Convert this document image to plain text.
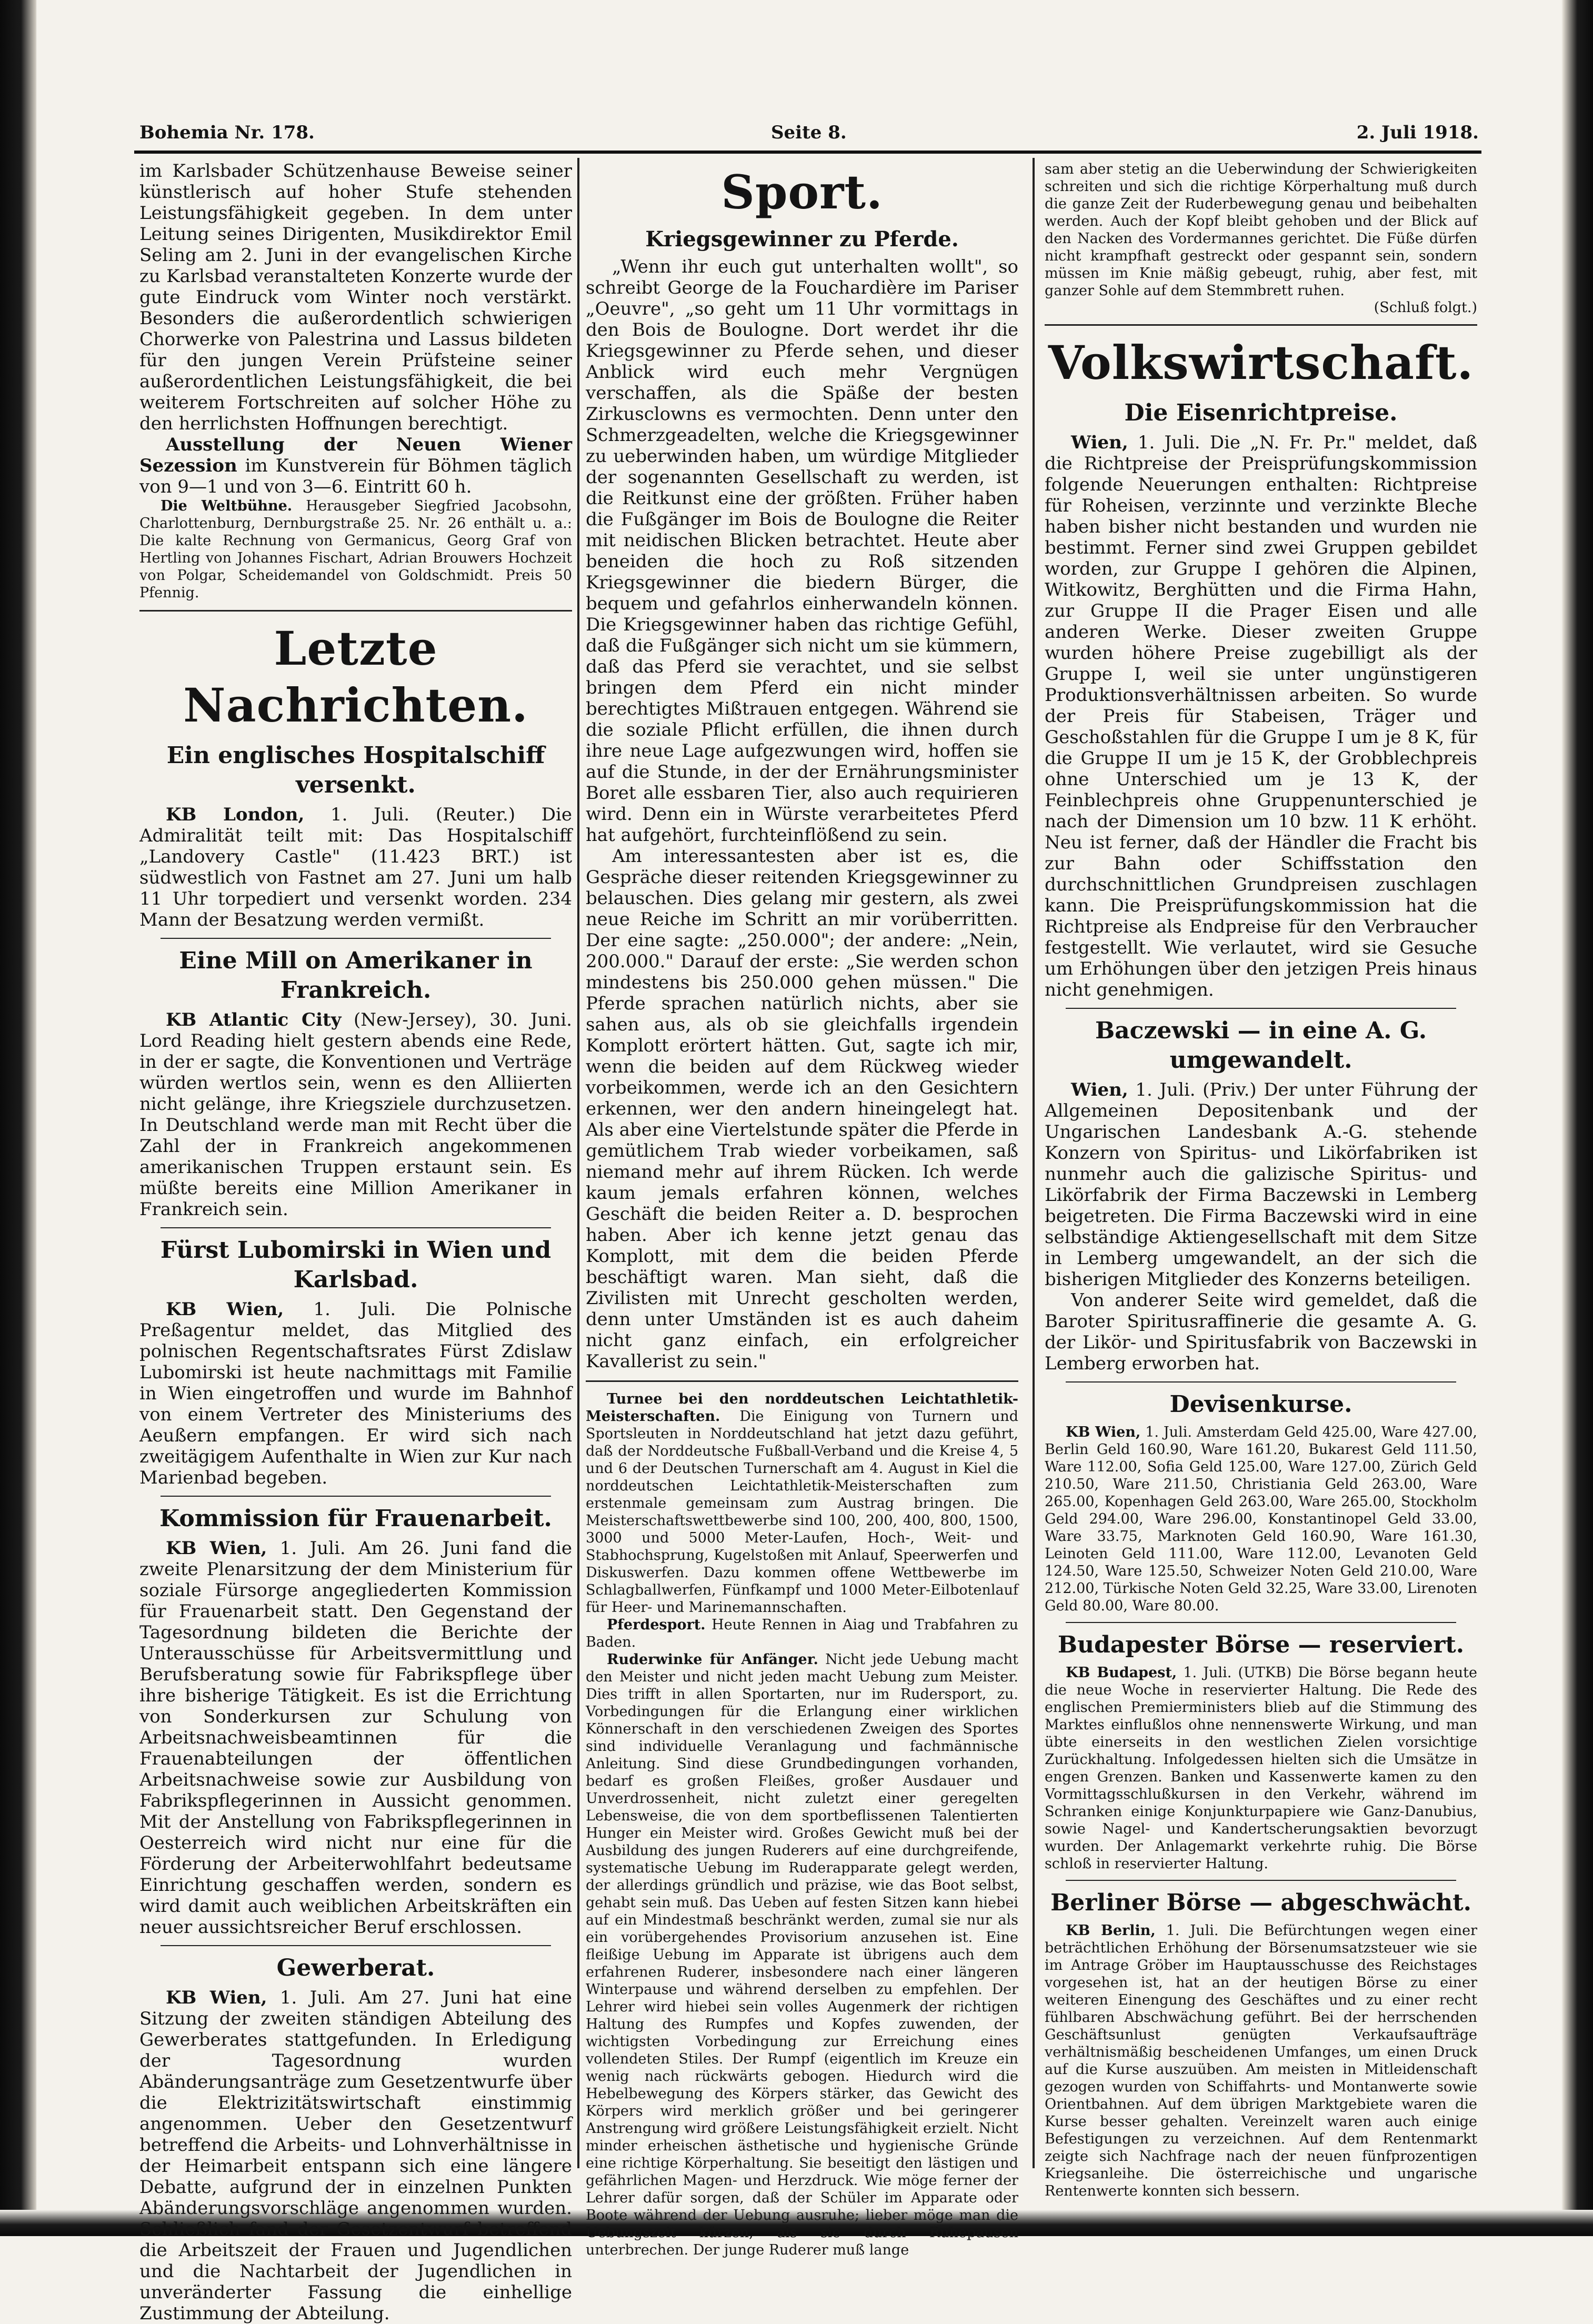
Bohemia Nr. 178.	Seite 8.	2. Juli 1918.

im Karlsbader Schützenhause Beweise seiner künstlerisch auf hoher Stufe stehenden Leistungsfähigkeit gegeben. In dem unter Leitung seines Dirigenten, Musikdirektor Emil Seling am 2. Juni in der evangelischen Kirche zu Karlsbad veranstalteten Konzerte wurde der gute Eindruck vom Winter noch verstärkt. Besonders die außerordentlich schwierigen Chorwerke von Palestrina und Lassus bildeten für den jungen Verein Prüfsteine seiner außerordentlichen Leistungsfähigkeit, die bei weiterem Fortschreiten auf solcher Höhe zu den herrlichsten Hoffnungen berechtigt.

Ausstellung der Neuen Wiener Sezession im Kunstverein für Böhmen täglich von 9—1 und von 3—6. Eintritt 60 h.

Die Weltbühne. Herausgeber Siegfried Jacobsohn, Charlottenburg, Dernburgstraße 25. Nr. 26 enthält u. a.: Die kalte Rechnung von Germanicus, Georg Graf von Hertling von Johannes Fischart, Adrian Brouwers Hochzeit von Polgar, Scheidemandel von Goldschmidt. Preis 50 Pfennig.

Letzte Nachrichten.
Ein englisches Hospitalschiff versenkt.

KB London, 1. Juli. (Reuter.) Die Admiralität teilt mit: Das Hospitalschiff „Landovery Castle" (11.423 BRT.) ist südwestlich von Fastnet am 27. Juni um halb 11 Uhr torpediert und versenkt worden. 234 Mann der Besatzung werden vermißt.

Eine Mill on Amerikaner in Frankreich.

KB Atlantic City (New-Jersey), 30. Juni. Lord Reading hielt gestern abends eine Rede, in der er sagte, die Konventionen und Verträge würden wertlos sein, wenn es den Alliierten nicht gelänge, ihre Kriegsziele durchzusetzen. In Deutschland werde man mit Recht über die Zahl der in Frankreich angekommenen amerikanischen Truppen erstaunt sein. Es müßte bereits eine Million Amerikaner in Frankreich sein.

Fürst Lubomirski in Wien und Karlsbad.

KB Wien, 1. Juli. Die Polnische Preßagentur meldet, das Mitglied des polnischen Regentschaftsrates Fürst Zdislaw Lubomirski ist heute nachmittags mit Familie in Wien eingetroffen und wurde im Bahnhof von einem Vertreter des Ministeriums des Aeußern empfangen. Er wird sich nach zweitägigem Aufenthalte in Wien zur Kur nach Marienbad begeben.

Kommission für Frauenarbeit.

KB Wien, 1. Juli. Am 26. Juni fand die zweite Plenarsitzung der dem Ministerium für soziale Fürsorge angegliederten Kommission für Frauenarbeit statt. Den Gegenstand der Tagesordnung bildeten die Berichte der Unterausschüsse für Arbeitsvermittlung und Berufsberatung sowie für Fabrikspflege über ihre bisherige Tätigkeit. Es ist die Errichtung von Sonderkursen zur Schulung von Arbeitsnachweisbeamtinnen für die Frauenabteilungen der öffentlichen Arbeitsnachweise sowie zur Ausbildung von Fabrikspflegerinnen in Aussicht genommen. Mit der Anstellung von Fabrikspflegerinnen in Oesterreich wird nicht nur eine für die Förderung der Arbeiterwohlfahrt bedeutsame Einrichtung geschaffen werden, sondern es wird damit auch weiblichen Arbeitskräften ein neuer aussichtsreicher Beruf erschlossen.

Gewerberat.

KB Wien, 1. Juli. Am 27. Juni hat eine Sitzung der zweiten ständigen Abteilung des Gewerberates stattgefunden. In Erledigung der Tagesordnung wurden Abänderungsanträge zum Gesetzentwurfe über die Elektrizitätswirtschaft einstimmig angenommen. Ueber den Gesetzentwurf betreffend die Arbeits- und Lohnverhältnisse in der Heimarbeit entspann sich eine längere Debatte, aufgrund der in einzelnen Punkten Abänderungsvorschläge angenommen wurden. Schließlich fand der Gesetzentwurf betreffend die Arbeitszeit der Frauen und Jugendlichen und die Nachtarbeit der Jugendlichen in unveränderter Fassung die einhellige Zustimmung der Abteilung.

Sport.
Kriegsgewinner zu Pferde.

„Wenn ihr euch gut unterhalten wollt", so schreibt George de la Fouchardière im Pariser „Oeuvre", „so geht um 11 Uhr vormittags in den Bois de Boulogne. Dort werdet ihr die Kriegsgewinner zu Pferde sehen, und dieser Anblick wird euch mehr Vergnügen verschaffen, als die Späße der besten Zirkusclowns es vermochten. Denn unter den Schmerzgeadelten, welche die Kriegsgewinner zu ueberwinden haben, um würdige Mitglieder der sogenannten Gesellschaft zu werden, ist die Reitkunst eine der größten. Früher haben die Fußgänger im Bois de Boulogne die Reiter mit neidischen Blicken betrachtet. Heute aber beneiden die hoch zu Roß sitzenden Kriegsgewinner die biedern Bürger, die bequem und gefahrlos einherwandeln können. Die Kriegsgewinner haben das richtige Gefühl, daß die Fußgänger sich nicht um sie kümmern, daß das Pferd sie verachtet, und sie selbst bringen dem Pferd ein nicht minder berechtigtes Mißtrauen entgegen. Während sie die soziale Pflicht erfüllen, die ihnen durch ihre neue Lage aufgezwungen wird, hoffen sie auf die Stunde, in der der Ernährungsminister Boret alle essbaren Tier, also auch requirieren wird. Denn ein in Würste verarbeitetes Pferd hat aufgehört, furchteinflößend zu sein.

Am interessantesten aber ist es, die Gespräche dieser reitenden Kriegsgewinner zu belauschen. Dies gelang mir gestern, als zwei neue Reiche im Schritt an mir vorüberritten. Der eine sagte: „250.000"; der andere: „Nein, 200.000." Darauf der erste: „Sie werden schon mindestens bis 250.000 gehen müssen." Die Pferde sprachen natürlich nichts, aber sie sahen aus, als ob sie gleichfalls irgendein Komplott erörtert hätten. Gut, sagte ich mir, wenn die beiden auf dem Rückweg wieder vorbeikommen, werde ich an den Gesichtern erkennen, wer den andern hineingelegt hat. Als aber eine Viertelstunde später die Pferde in gemütlichem Trab wieder vorbeikamen, saß niemand mehr auf ihrem Rücken. Ich werde kaum jemals erfahren können, welches Geschäft die beiden Reiter a. D. besprochen haben. Aber ich kenne jetzt genau das Komplott, mit dem die beiden Pferde beschäftigt waren. Man sieht, daß die Zivilisten mit Unrecht gescholten werden, denn unter Umständen ist es auch daheim nicht ganz einfach, ein erfolgreicher Kavallerist zu sein."

Turnee bei den norddeutschen Leichtathletik-Meisterschaften. Die Einigung von Turnern und Sportsleuten in Norddeutschland hat jetzt dazu geführt, daß der Norddeutsche Fußball-Verband und die Kreise 4, 5 und 6 der Deutschen Turnerschaft am 4. August in Kiel die norddeutschen Leichtathletik-Meisterschaften zum erstenmale gemeinsam zum Austrag bringen. Die Meisterschaftswettbewerbe sind 100, 200, 400, 800, 1500, 3000 und 5000 Meter-Laufen, Hoch-, Weit- und Stabhochsprung, Kugelstoßen mit Anlauf, Speerwerfen und Diskuswerfen. Dazu kommen offene Wettbewerbe im Schlagballwerfen, Fünfkampf und 1000 Meter-Eilbotenlauf für Heer- und Marinemannschaften.

Pferdesport. Heute Rennen in Aiag und Trabfahren zu Baden.

Ruderwinke für Anfänger. Nicht jede Uebung macht den Meister und nicht jeden macht Uebung zum Meister. Dies trifft in allen Sportarten, nur im Rudersport, zu. Vorbedingungen für die Erlangung einer wirklichen Könnerschaft in den verschiedenen Zweigen des Sportes sind individuelle Veranlagung und fachmännische Anleitung. Sind diese Grundbedingungen vorhanden, bedarf es großen Fleißes, großer Ausdauer und Unverdrossenheit, nicht zuletzt einer geregelten Lebensweise, die von dem sportbeflissenen Talentierten Hunger ein Meister wird. Großes Gewicht muß bei der Ausbildung des jungen Ruderers auf eine durchgreifende, systematische Uebung im Ruderapparate gelegt werden, der allerdings gründlich und präzise, wie das Boot selbst, gehabt sein muß. Das Ueben auf festen Sitzen kann hiebei auf ein Mindestmaß beschränkt werden, zumal sie nur als ein vorübergehendes Provisorium anzusehen ist. Eine fleißige Uebung im Apparate ist übrigens auch dem erfahrenen Ruderer, insbesondere nach einer längeren Winterpause und während derselben zu empfehlen. Der Lehrer wird hiebei sein volles Augenmerk der richtigen Haltung des Rumpfes und Kopfes zuwenden, der wichtigsten Vorbedingung zur Erreichung eines vollendeten Stiles. Der Rumpf (eigentlich im Kreuze ein wenig nach rückwärts gebogen. Hiedurch wird die Hebelbewegung des Körpers stärker, das Gewicht des Körpers wird merklich größer und bei geringerer Anstrengung wird größere Leistungsfähigkeit erzielt. Nicht minder erheischen ästhetische und hygienische Gründe eine richtige Körperhaltung. Sie beseitigt den lästigen und gefährlichen Magen- und Herzdruck. Wie möge ferner der Lehrer dafür sorgen, daß der Schüler im Apparate oder Boote während der Uebung ausruhe; lieber möge man die Uebungszeit kürzen, als sie durch Ruhepausen unterbrechen. Der junge Ruderer muß lange

sam aber stetig an die Ueberwindung der Schwierigkeiten schreiten und sich die richtige Körperhaltung muß durch die ganze Zeit der Ruderbewegung genau und beibehalten werden. Auch der Kopf bleibt gehoben und der Blick auf den Nacken des Vordermannes gerichtet. Die Füße dürfen nicht krampfhaft gestreckt oder gespannt sein, sondern müssen im Knie mäßig gebeugt, ruhig, aber fest, mit ganzer Sohle auf dem Stemmbrett ruhen.

(Schluß folgt.)
Volkswirtschaft.
Die Eisenrichtpreise.

Wien, 1. Juli. Die „N. Fr. Pr." meldet, daß die Richtpreise der Preisprüfungskommission folgende Neuerungen enthalten: Richtpreise für Roheisen, verzinnte und verzinkte Bleche haben bisher nicht bestanden und wurden nie bestimmt. Ferner sind zwei Gruppen gebildet worden, zur Gruppe I gehören die Alpinen, Witkowitz, Berghütten und die Firma Hahn, zur Gruppe II die Prager Eisen und alle anderen Werke. Dieser zweiten Gruppe wurden höhere Preise zugebilligt als der Gruppe I, weil sie unter ungünstigeren Produktionsverhältnissen arbeiten. So wurde der Preis für Stabeisen, Träger und Geschoßstahlen für die Gruppe I um je 8 K, für die Gruppe II um je 15 K, der Grobblechpreis ohne Unterschied um je 13 K, der Feinblechpreis ohne Gruppenunterschied je nach der Dimension um 10 bzw. 11 K erhöht. Neu ist ferner, daß der Händler die Fracht bis zur Bahn oder Schiffsstation den durchschnittlichen Grundpreisen zuschlagen kann. Die Preisprüfungskommission hat die Richtpreise als Endpreise für den Verbraucher festgestellt. Wie verlautet, wird sie Gesuche um Erhöhungen über den jetzigen Preis hinaus nicht genehmigen.

Baczewski — in eine A. G. umgewandelt.

Wien, 1. Juli. (Priv.) Der unter Führung der Allgemeinen Depositenbank und der Ungarischen Landesbank A.-G. stehende Konzern von Spiritus- und Likörfabriken ist nunmehr auch die galizische Spiritus- und Likörfabrik der Firma Baczewski in Lemberg beigetreten. Die Firma Baczewski wird in eine selbständige Aktiengesellschaft mit dem Sitze in Lemberg umgewandelt, an der sich die bisherigen Mitglieder des Konzerns beteiligen.

Von anderer Seite wird gemeldet, daß die Baroter Spiritusraffinerie die gesamte A. G. der Likör- und Spiritusfabrik von Baczewski in Lemberg erworben hat.

Devisenkurse.

KB Wien, 1. Juli. Amsterdam Geld 425.00, Ware 427.00, Berlin Geld 160.90, Ware 161.20, Bukarest Geld 111.50, Ware 112.00, Sofia Geld 125.00, Ware 127.00, Zürich Geld 210.50, Ware 211.50, Christiania Geld 263.00, Ware 265.00, Kopenhagen Geld 263.00, Ware 265.00, Stockholm Geld 294.00, Ware 296.00, Konstantinopel Geld 33.00, Ware 33.75, Marknoten Geld 160.90, Ware 161.30, Leinoten Geld 111.00, Ware 112.00, Levanoten Geld 124.50, Ware 125.50, Schweizer Noten Geld 210.00, Ware 212.00, Türkische Noten Geld 32.25, Ware 33.00, Lirenoten Geld 80.00, Ware 80.00.

Budapester Börse — reserviert.

KB Budapest, 1. Juli. (UTKB) Die Börse begann heute die neue Woche in reservierter Haltung. Die Rede des englischen Premierministers blieb auf die Stimmung des Marktes einflußlos ohne nennenswerte Wirkung, und man übte einerseits in den westlichen Zielen vorsichtige Zurückhaltung. Infolgedessen hielten sich die Umsätze in engen Grenzen. Banken und Kassenwerte kamen zu den Vormittagsschlußkursen in den Verkehr, während im Schranken einige Konjunkturpapiere wie Ganz-Danubius, sowie Nagel- und Kandertscherungsaktien bevorzugt wurden. Der Anlagemarkt verkehrte ruhig. Die Börse schloß in reservierter Haltung.

Berliner Börse — abgeschwächt.

KB Berlin, 1. Juli. Die Befürchtungen wegen einer beträchtlichen Erhöhung der Börsenumsatzsteuer wie sie im Antrage Gröber im Hauptausschusse des Reichstages vorgesehen ist, hat an der heutigen Börse zu einer weiteren Einengung des Geschäftes und zu einer recht fühlbaren Abschwächung geführt. Bei der herrschenden Geschäftsunlust genügten Verkaufsaufträge verhältnismäßig bescheidenen Umfanges, um einen Druck auf die Kurse auszuüben. Am meisten in Mitleidenschaft gezogen wurden von Schiffahrts- und Montanwerte sowie Orientbahnen. Auf dem übrigen Marktgebiete waren die Kurse besser gehalten. Vereinzelt waren auch einige Befestigungen zu verzeichnen. Auf dem Rentenmarkt zeigte sich Nachfrage nach der neuen fünfprozentigen Kriegsanleihe. Die österreichische und ungarische Rentenwerte konnten sich bessern.
